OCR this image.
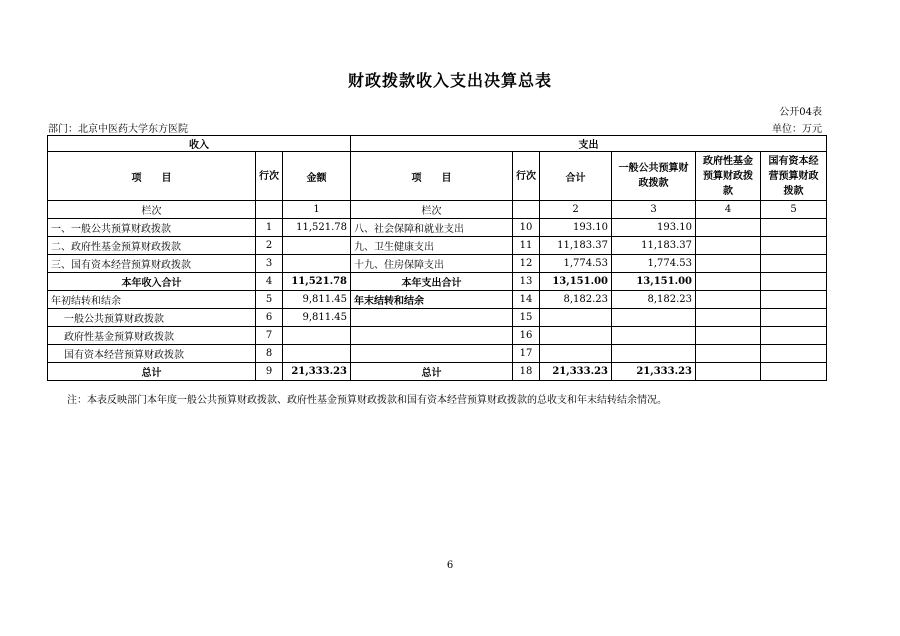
财政拨款收入支出决算总表
公开04表
部门：北京中医药大学东方医院	单位：万元
收入			支出					
项　　目	行次	金额	项　　目	行次	合计	一般公共预算财政拨款	政府性基金预算财政拨款	国有资本经营预算财政拨款
栏次		1	栏次		2	3	4	5
一、一般公共预算财政拨款	1	11,521.78	八、社会保障和就业支出	10	193.10	193.10		
二、政府性基金预算财政拨款	2		九、卫生健康支出	11	11,183.37	11,183.37		
三、国有资本经营预算财政拨款	3		十九、住房保障支出	12	1,774.53	1,774.53		
本年收入合计	4	11,521.78	本年支出合计	13	13,151.00	13,151.00		
年初结转和结余	5	9,811.45	年末结转和结余	14	8,182.23	8,182.23		
一般公共预算财政拨款	6	9,811.45		15				
政府性基金预算财政拨款	7			16				
国有资本经营预算财政拨款	8			17				
总计	9	21,333.23	总计	18	21,333.23	21,333.23		
注：本表反映部门本年度一般公共预算财政拨款、政府性基金预算财政拨款和国有资本经营预算财政拨款的总收支和年末结转结余情况。
6
